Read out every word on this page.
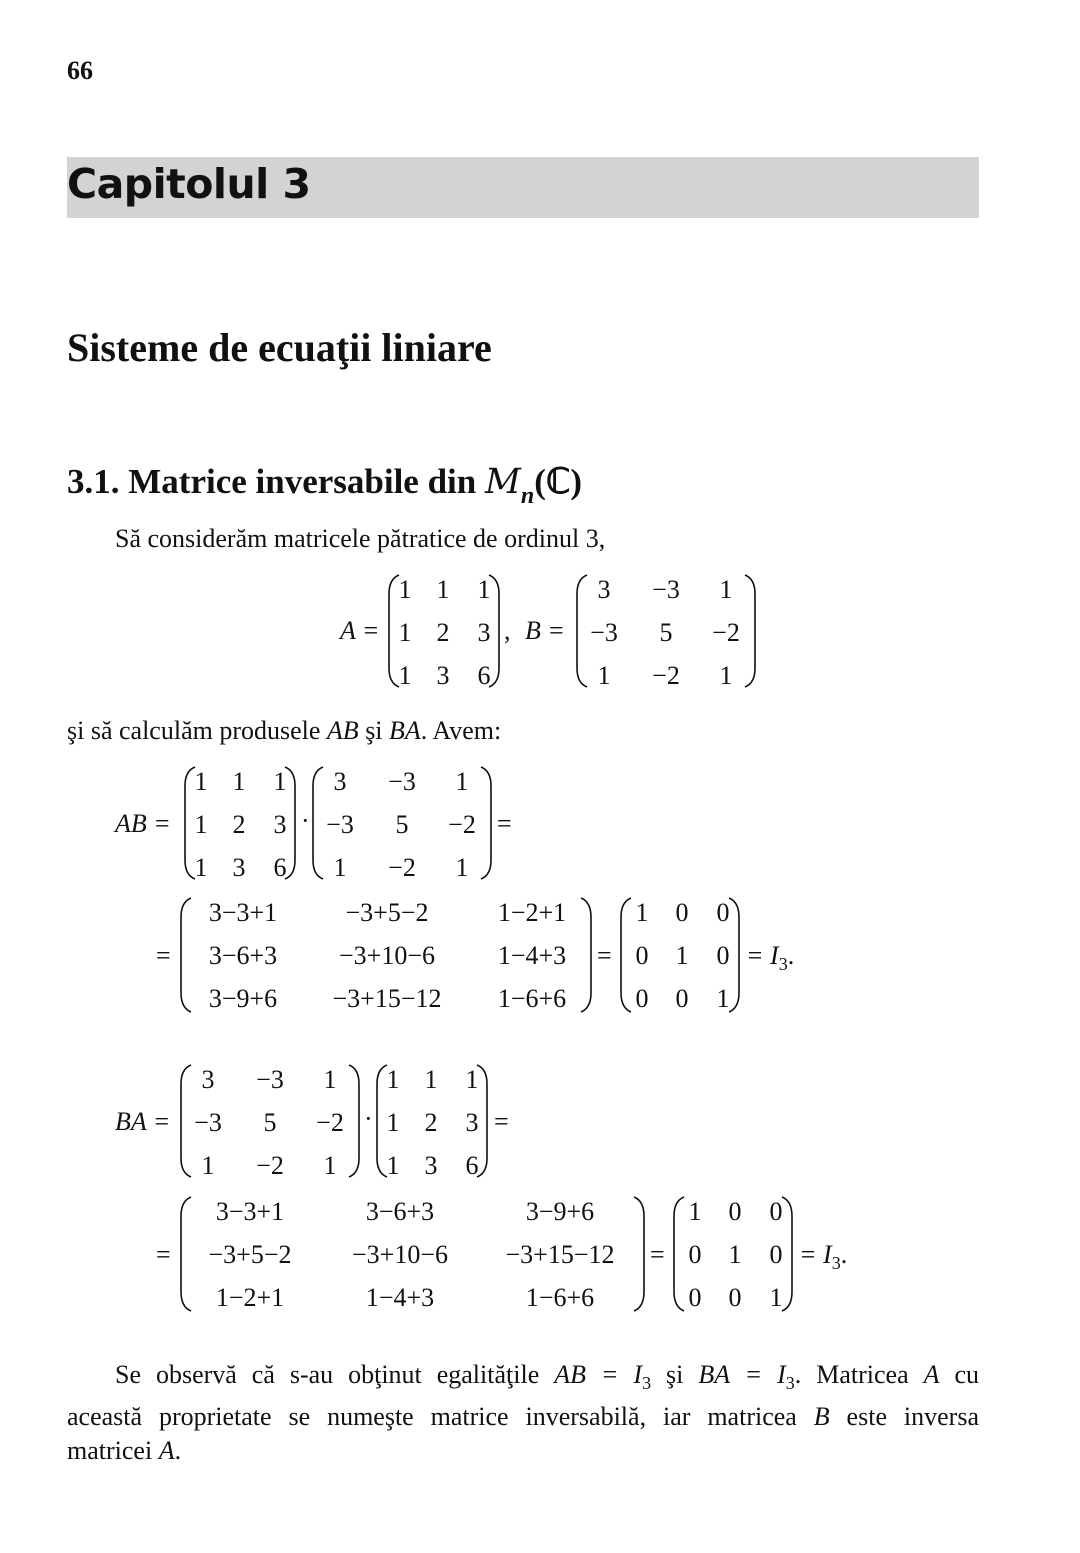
66
Capitolul 3
Sisteme de ecuaţii liniare
3.1. Matrice inversabile din $M_n(ℂ)$
Să considerăm matricele pătratice de ordinul 3,
A =
1 1 1
1 2 3
1 3 6
, B =
3 −3 1
−3 5 −2
1 −2 1
şi să calculăm produsele AB şi BA. Avem:
AB =
1 1 1
1 2 3
1 3 6
·
3 −3 1
−3 5 −2
1 −2 1
=
=
3−3+1	−3+5−2	1−2+1
3−6+3 −3+10−6 1−4+3
3−9+6 −3+15−12 1−6+6
=
1 0 0
0 1 0
0 0 1
= $I_3$.
BA =
3 −3 1
−3 5 −2
1 −2 1
·
1 1 1
1 2 3
1 3 6
=
=
3−3+1	3−6+3	3−9+6
−3+5−2 −3+10−6 −3+15−12
1−2+1	1−4+3	1−6+6
=
1 0 0
0 1 0
0 0 1
= $I_3$.
Se observă că s-au obţinut egalităţile AB = $I_3$ şi BA = $I_3$. Matricea A cu
această proprietate se numeşte matrice inversabilă, iar matricea B este inversa
matricei A.
